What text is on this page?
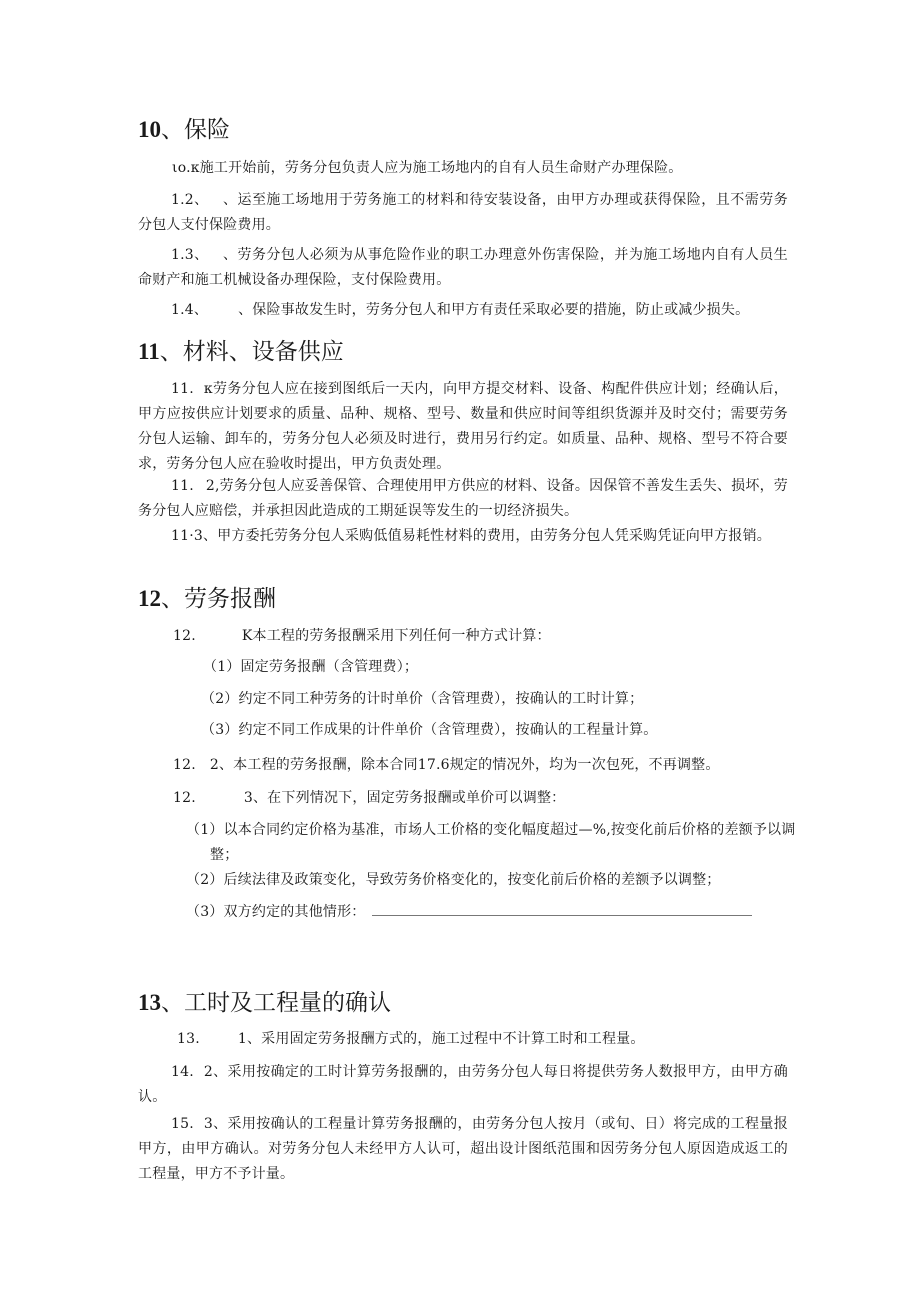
10、保险

ιo.κ施工开始前，劳务分包负责人应为施工场地内的自有人员生命财产办理保险。

1.2、 、运至施工场地用于劳务施工的材料和待安装设备，由甲方办理或获得保险，且不需劳务分包人支付保险费用。

1.3、 、劳务分包人必须为从事危险作业的职工办理意外伤害保险，并为施工场地内自有人员生命财产和施工机械设备办理保险，支付保险费用。

1.4、 、保险事故发生时，劳务分包人和甲方有责任采取必要的措施，防止或减少损失。

11、材料、设备供应

11. κ劳务分包人应在接到图纸后一天内，向甲方提交材料、设备、构配件供应计划；经确认后，甲方应按供应计划要求的质量、品种、规格、型号、数量和供应时间等组织货源并及时交付；需要劳务分包人运输、卸车的，劳务分包人必须及时进行，费用另行约定。如质量、品种、规格、型号不符合要求，劳务分包人应在验收时提出，甲方负责处理。

11. 2,劳务分包人应妥善保管、合理使用甲方供应的材料、设备。因保管不善发生丢失、损坏，劳务分包人应赔偿，并承担因此造成的工期延误等发生的一切经济损失。

11·3、甲方委托劳务分包人采购低值易耗性材料的费用，由劳务分包人凭采购凭证向甲方报销。

12、劳务报酬

12.	K本工程的劳务报酬采用下列任何一种方式计算：

（1）固定劳务报酬（含管理费）；

（2）约定不同工种劳务的计时单价（含管理费），按确认的工时计算；

（3）约定不同工作成果的计件单价（含管理费），按确认的工程量计算。

12. 2、本工程的劳务报酬，除本合同17.6规定的情况外，均为一次包死，不再调整。

12.	3、在下列情况下，固定劳务报酬或单价可以调整：

（1）以本合同约定价格为基准，市场人工价格的变化幅度超过—%,按变化前后价格的差额予以调整；

（2）后续法律及政策变化，导致劳务价格变化的，按变化前后价格的差额予以调整；

（3）双方约定的其他情形：

13、工时及工程量的确认

13.	1、采用固定劳务报酬方式的，施工过程中不计算工时和工程量。

14. 2、采用按确定的工时计算劳务报酬的，由劳务分包人每日将提供劳务人数报甲方，由甲方确认。

15. 3、采用按确认的工程量计算劳务报酬的，由劳务分包人按月（或旬、日）将完成的工程量报甲方，由甲方确认。对劳务分包人未经甲方人认可，超出设计图纸范围和因劳务分包人原因造成返工的工程量，甲方不予计量。
